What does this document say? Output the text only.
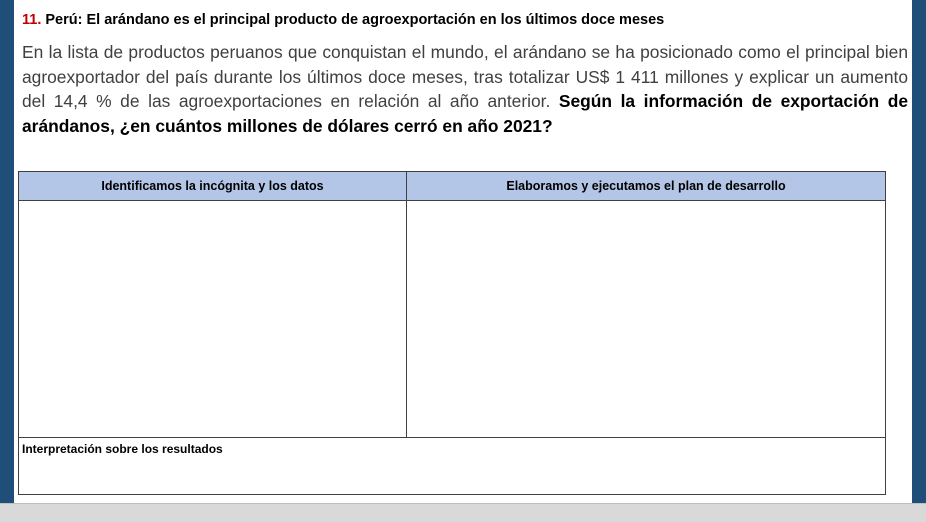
11. Perú: El arándano es el principal producto de agroexportación en los últimos doce meses
En la lista de productos peruanos que conquistan el mundo, el arándano se ha posicionado como el principal bien agroexportador del país durante los últimos doce meses, tras totalizar US$ 1 411 millones y explicar un aumento del 14,4 % de las agroexportaciones en relación al año anterior. Según la información de exportación de arándanos, ¿en cuántos millones de dólares cerró en año 2021?
Identificamos la incógnita y los datos	Elaboramos y ejecutamos el plan de desarrollo
Interpretación sobre los resultados
